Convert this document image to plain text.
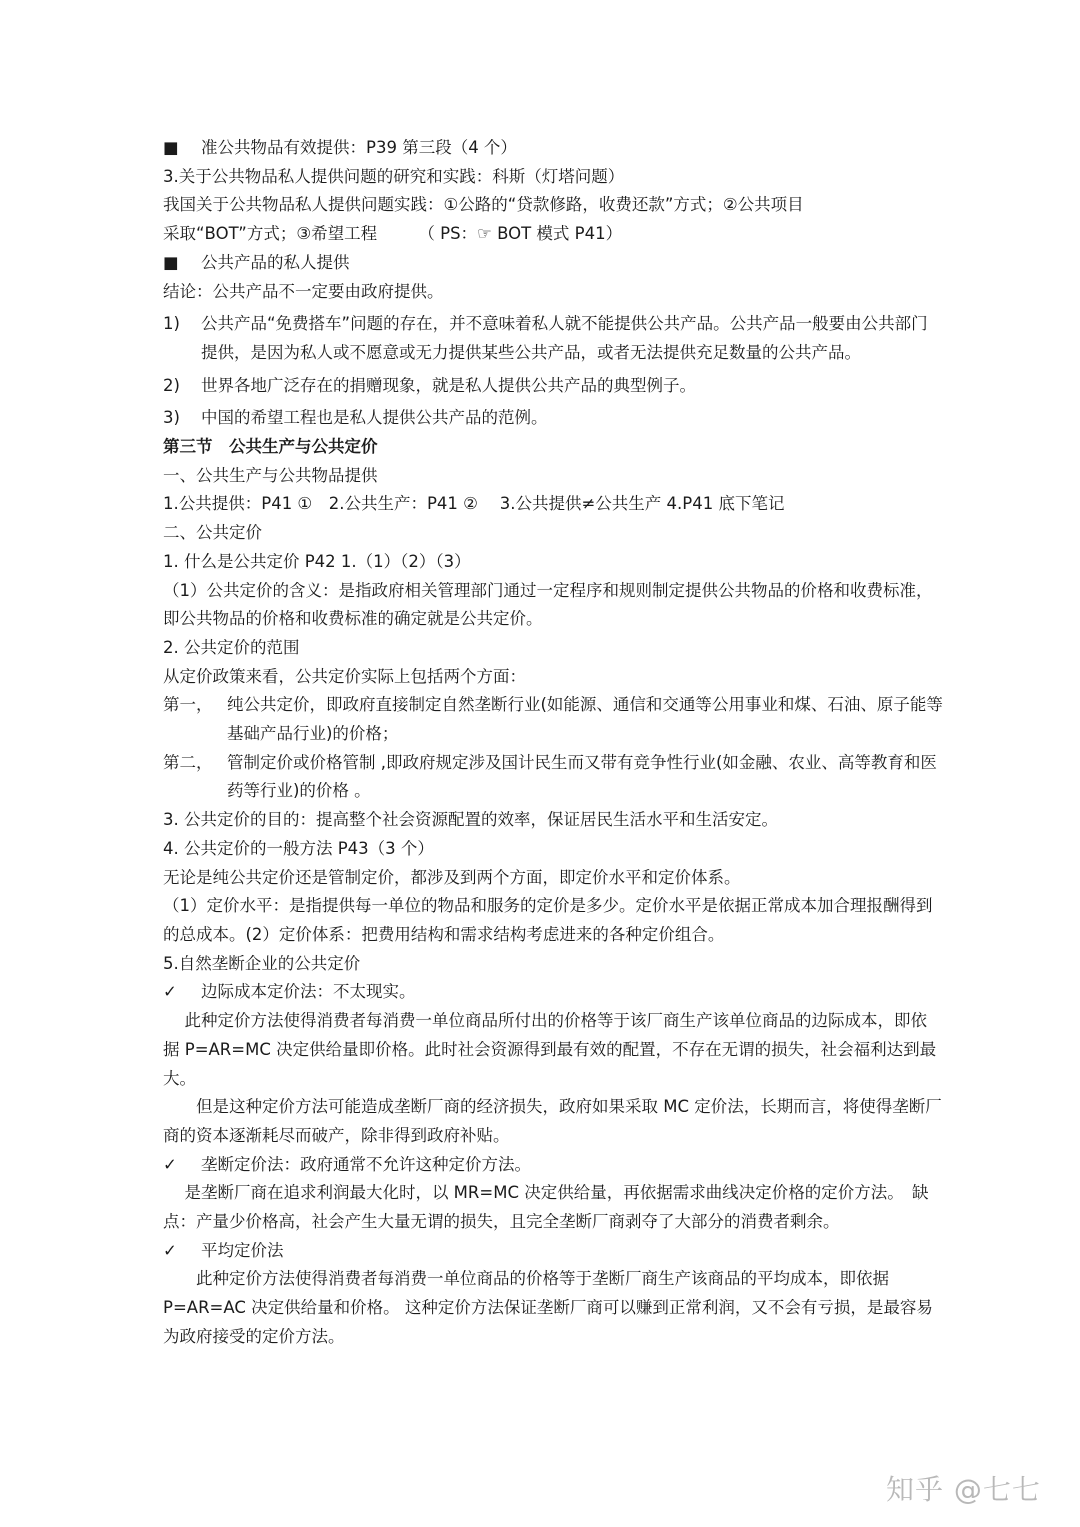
■ 准公共物品有效提供：P39 第三段（4 个）
3.关于公共物品私人提供问题的研究和实践：科斯（灯塔问题）
我国关于公共物品私人提供问题实践：①公路的“贷款修路，收费还款”方式；②公共项目
采取“BOT”方式；③希望工程　　　（ PS：☞ BOT 模式 P41）
■ 公共产品的私人提供
结论：公共产品不一定要由政府提供。
1)	公共产品“免费搭车”问题的存在，并不意味着私人就不能提供公共产品。公共产品一般要由公共部门提供，是因为私人或不愿意或无力提供某些公共产品，或者无法提供充足数量的公共产品。
2)	世界各地广泛存在的捐赠现象，就是私人提供公共产品的典型例子。
3)	中国的希望工程也是私人提供公共产品的范例。
第三节　公共生产与公共定价
一、公共生产与公共物品提供
1.公共提供：P41 ①　2.公共生产：P41 ②　 3.公共提供≠公共生产 4.P41 底下笔记
二、公共定价
1. 什么是公共定价 P42 1.（1）（2）（3）
（1）公共定价的含义：是指政府相关管理部门通过一定程序和规则制定提供公共物品的价格和收费标准，即公共物品的价格和收费标准的确定就是公共定价。
2. 公共定价的范围
从定价政策来看，公共定价实际上包括两个方面：
第一， 纯公共定价，即政府直接制定自然垄断行业(如能源、通信和交通等公用事业和煤、石油、原子能等基础产品行业)的价格；
第二， 管制定价或价格管制 ,即政府规定涉及国计民生而又带有竞争性行业(如金融、农业、高等教育和医药等行业)的价格 。
3. 公共定价的目的：提高整个社会资源配置的效率，保证居民生活水平和生活安定。
4. 公共定价的一般方法 P43（3 个）
无论是纯公共定价还是管制定价，都涉及到两个方面，即定价水平和定价体系。
（1）定价水平：是指提供每一单位的物品和服务的定价是多少。定价水平是依据正常成本加合理报酬得到的总成本。(2）定价体系：把费用结构和需求结构考虑进来的各种定价组合。
5.自然垄断企业的公共定价
✓ 边际成本定价法：不太现实。
此种定价方法使得消费者每消费一单位商品所付出的价格等于该厂商生产该单位商品的边际成本，即依据 P=AR=MC 决定供给量即价格。此时社会资源得到最有效的配置，不存在无谓的损失，社会福利达到最大。
但是这种定价方法可能造成垄断厂商的经济损失，政府如果采取 MC 定价法，长期而言，将使得垄断厂商的资本逐渐耗尽而破产，除非得到政府补贴。
✓ 垄断定价法：政府通常不允许这种定价方法。
是垄断厂商在追求利润最大化时，以 MR=MC 决定供给量，再依据需求曲线决定价格的定价方法。　缺点：产量少价格高，社会产生大量无谓的损失，且完全垄断厂商剥夺了大部分的消费者剩余。
✓ 平均定价法
此种定价方法使得消费者每消费一单位商品的价格等于垄断厂商生产该商品的平均成本，即依据 P=AR=AC 决定供给量和价格。 这种定价方法保证垄断厂商可以赚到正常利润，又不会有亏损，是最容易为政府接受的定价方法。
知乎 @七七
